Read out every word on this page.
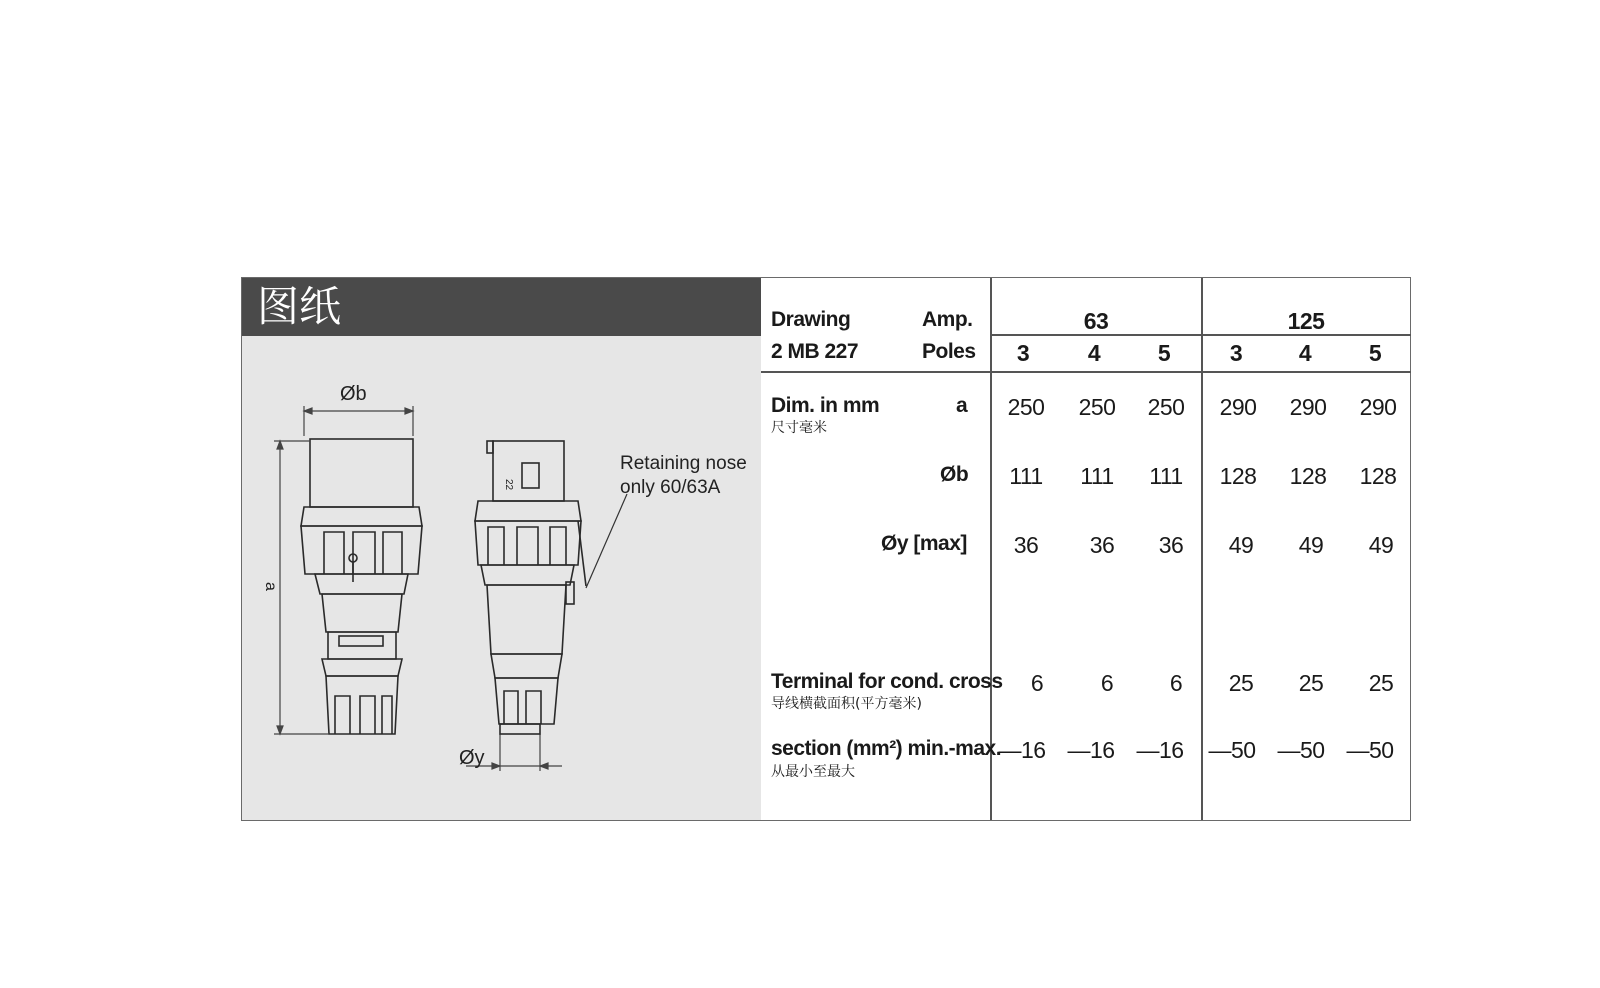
图纸
Øb
a
Øy
22
Retaining nose
only 60/63A
Drawing
2 MB 227
Amp.
Poles
63	125
3	4	5	3	4	5
Dim. in mm
尺寸毫米
a	250	250	250	290	290	290
Øb	111	111	111	128	128	128
Øy [max]	36	36	36	49	49	49
Terminal for cond. cross
导线横截面积(平方毫米)
6	6	6	25	25	25
section (mm²) min.-max.
从最小至最大
—16 —16 —16 —50 —50 —50
